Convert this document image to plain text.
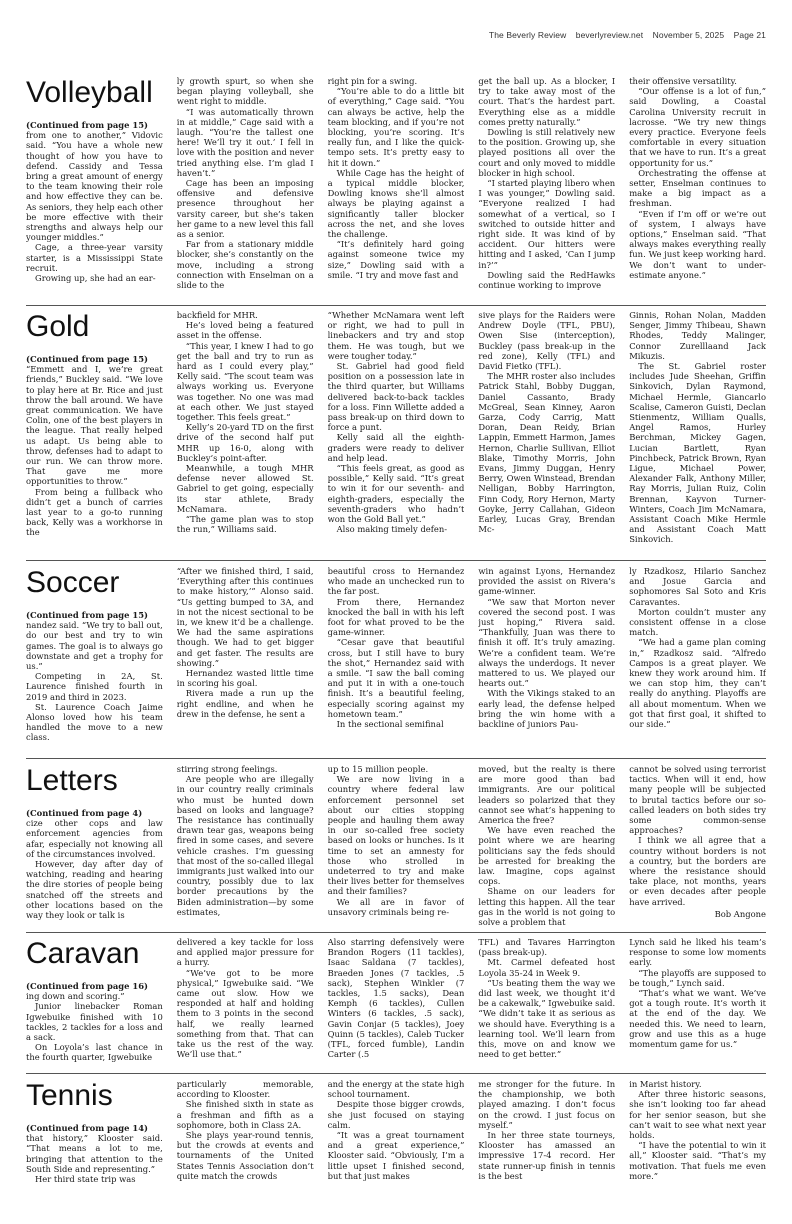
The Beverly Review beverlyreview.net November 5, 2025 Page 21
Volleyball

(Continued from page 15)
from one to another,” Vidovic said. “You have a whole new thought of how you have to defend. Cassidy and Tessa bring a great amount of energy to the team knowing their role and how effective they can be. As seniors, they help each other be more effective with their strengths and always help our younger middles.”

Cage, a three-year varsity starter, is a Mississippi State recruit.

Growing up, she had an ear-

ly growth spurt, so when she began playing volleyball, she went right to middle.

“I was automatically thrown in at middle,” Cage said with a laugh. “You’re the tallest one here! We’ll try it out.’ I fell in love with the position and never tried anything else. I’m glad I haven’t.”

Cage has been an imposing offensive and defensive presence throughout her varsity career, but she’s taken her game to a new level this fall as a senior.

Far from a stationary middle blocker, she’s constantly on the move, including a strong connection with Enselman on a slide to the

right pin for a swing.

“You’re able to do a little bit of everything,” Cage said. “You can always be active, help the team blocking, and if you’re not blocking, you’re scoring. It’s really fun, and I like the quick-tempo sets. It’s pretty easy to hit it down.”

While Cage has the height of a typical middle blocker, Dowling knows she’ll almost always be playing against a significantly taller blocker across the net, and she loves the challenge.

“It’s definitely hard going against someone twice my size,” Dowling said with a smile. “I try and move fast and

get the ball up. As a blocker, I try to take away most of the court. That’s the hardest part. Everything else as a middle comes pretty naturally.”

Dowling is still relatively new to the position. Growing up, she played positions all over the court and only moved to middle blocker in high school.

“I started playing libero when I was younger,” Dowling said. “Everyone realized I had somewhat of a vertical, so I switched to outside hitter and right side. It was kind of by accident. Our hitters were hitting and I asked, ‘Can I jump in?’”

Dowling said the RedHawks continue working to improve

their offensive versatility.

“Our offense is a lot of fun,” said Dowling, a Coastal Carolina University recruit in lacrosse. “We try new things every practice. Everyone feels comfortable in every situation that we have to run. It’s a great opportunity for us.”

Orchestrating the offense at setter, Enselman continues to make a big impact as a freshman.

“Even if I’m off or we’re out of system, I always have options,” Enselman said. “That always makes everything really fun. We just keep working hard. We don’t want to under-estimate anyone.”

Gold

(Continued from page 15)
“Emmett and I, we’re great friends,” Buckley said. “We love to play here at Br. Rice and just throw the ball around. We have great communication. We have Colin, one of the best players in the league. That really helped us adapt. Us being able to throw, defenses had to adapt to our run. We can throw more. That gave me more opportunities to throw.”

From being a fullback who didn’t get a bunch of carries last year to a go-to running back, Kelly was a workhorse in the

backfield for MHR.

He’s loved being a featured asset in the offense.

“This year, I knew I had to go get the ball and try to run as hard as I could every play,” Kelly said. “The scout team was always working us. Everyone was together. No one was mad at each other. We just stayed together. This feels great.”

Kelly’s 20-yard TD on the first drive of the second half put MHR up 16-0, along with Buckley’s point-after.

Meanwhile, a tough MHR defense never allowed St. Gabriel to get going, especially its star athlete, Brady McNamara.

“The game plan was to stop the run,” Williams said.

“Whether McNamara went left or right, we had to pull in linebackers and try and stop them. He was tough, but we were tougher today.”

St. Gabriel had good field position on a possession late in the third quarter, but Williams delivered back-to-back tackles for a loss. Finn Willette added a pass break-up on third down to force a punt.

Kelly said all the eighth-graders were ready to deliver and help lead.

“This feels great, as good as possible,” Kelly said. “It’s great to win it for our seventh- and eighth-graders, especially the seventh-graders who hadn’t won the Gold Ball yet.”

Also making timely defen-

sive plays for the Raiders were Andrew Doyle (TFL, PBU), Owen Sise (interception), Buckley (pass break-up in the red zone), Kelly (TFL) and David Fietko (TFL).

The MHR roster also includes Patrick Stahl, Bobby Duggan, Daniel Cassanto, Brady McGreal, Sean Kinney, Aaron Garza, Cody Carrig, Matt Doran, Dean Reidy, Brian Lappin, Emmett Harmon, James Hernon, Charlie Sullivan, Elliot Blake, Timothy Morris, John Evans, Jimmy Duggan, Henry Berry, Owen Winstead, Brendan Nelligan, Bobby Harrington, Finn Cody, Rory Hernon, Marty Goyke, Jerry Callahan, Gideon Earley, Lucas Gray, Brendan Mc-

Ginnis, Rohan Nolan, Madden Senger, Jimmy Thibeau, Shawn Rhodes, Teddy Malinger, Connor Zurelllaand Jack Mikuzis.

The St. Gabriel roster includes Jude Sheehan, Griffin Sinkovich, Dylan Raymond, Michael Hermle, Giancarlo Scalise, Cameron Guisti, Declan Stienmentz, William Qualls, Angel Ramos, Hurley Berchman, Mickey Gagen, Lucian Bartlett, Ryan Pinchbeck, Patrick Brown, Ryan Ligue, Michael Power, Alexander Falk, Anthony Miller, Ray Morris, Julian Ruiz, Colin Brennan, Kayvon Turner-Winters, Coach Jim McNamara, Assistant Coach Mike Hermle and Assistant Coach Matt Sinkovich.

Soccer

(Continued from page 15)
nandez said. “We try to ball out, do our best and try to win games. The goal is to always go downstate and get a trophy for us.”

Competing in 2A, St. Laurence finished fourth in 2019 and third in 2023.

St. Laurence Coach Jaime Alonso loved how his team handled the move to a new class.

“After we finished third, I said, ‘Everything after this continues to make history,’” Alonso said. “Us getting bumped to 3A, and in not the nicest sectional to be in, we knew it’d be a challenge. We had the same aspirations though. We had to get bigger and get faster. The results are showing.”

Hernandez wasted little time in scoring his goal.

Rivera made a run up the right endline, and when he drew in the defense, he sent a

beautiful cross to Hernandez who made an unchecked run to the far post.

From there, Hernandez knocked the ball in with his left foot for what proved to be the game-winner.

“Cesar gave that beautiful cross, but I still have to bury the shot,” Hernandez said with a smile. “I saw the ball coming and put it in with a one-touch finish. It’s a beautiful feeling, especially scoring against my hometown team.”

In the sectional semifinal

win against Lyons, Hernandez provided the assist on Rivera’s game-winner.

“We saw that Morton never covered the second post. I was just hoping,” Rivera said. “Thankfully, Juan was there to finish it off. It’s truly amazing. We’re a confident team. We’re always the underdogs. It never mattered to us. We played our hearts out.”

With the Vikings staked to an early lead, the defense helped bring the win home with a backline of juniors Pau-

ly Rzadkosz, Hilario Sanchez and Josue Garcia and sophomores Sal Soto and Kris Caravantes.

Morton couldn’t muster any consistent offense in a close match.

“We had a game plan coming in,” Rzadkosz said. “Alfredo Campos is a great player. We knew they work around him. If we can stop him, they can’t really do anything. Playoffs are all about momentum. When we got that first goal, it shifted to our side.”

Letters

(Continued from page 4)
cize other cops and law enforcement agencies from afar, especially not knowing all of the circumstances involved.

However, day after day of watching, reading and hearing the dire stories of people being snatched off the streets and other locations based on the way they look or talk is

stirring strong feelings.

Are people who are illegally in our country really criminals who must be hunted down based on looks and language? The resistance has continually drawn tear gas, weapons being fired in some cases, and severe vehicle crashes. I’m guessing that most of the so-called illegal immigrants just walked into our country, possibly due to lax border precautions by the Biden administration—by some estimates,

up to 15 million people.

We are now living in a country where federal law enforcement personnel set about our cities stopping people and hauling them away in our so-called free society based on looks or hunches. Is it time to set an amnesty for those who strolled in undeterred to try and make their lives better for themselves and their families?

We all are in favor of unsavory criminals being re-

moved, but the realty is there are more good than bad immigrants. Are our political leaders so polarized that they cannot see what’s happening to America the free?

We have even reached the point where we are hearing politicians say the feds should be arrested for breaking the law. Imagine, cops against cops.

Shame on our leaders for letting this happen. All the tear gas in the world is not going to solve a problem that

cannot be solved using terrorist tactics. When will it end, how many people will be subjected to brutal tactics before our so-called leaders on both sides try some common-sense approaches?

I think we all agree that a country without borders is not a country, but the borders are where the resistance should take place, not months, years or even decades after people have arrived.

Bob Angone
Caravan

(Continued from page 16)
ing down and scoring.”

Junior linebacker Roman Igwebuike finished with 10 tackles, 2 tackles for a loss and a sack.

On Loyola’s last chance in the fourth quarter, Igwebuike

delivered a key tackle for loss and applied major pressure for a hurry.

“We’ve got to be more physical,” Igwebuike said. “We came out slow. How we responded at half and holding them to 3 points in the second half, we really learned something from that. That can take us the rest of the way. We’ll use that.”

Also starring defensively were Brandon Rogers (11 tackles), Isaac Saldana (7 tackles), Braeden Jones (7 tackles, .5 sack), Stephen Winkler (7 tackles, 1.5 sacks), Dean Kemph (6 tackles), Cullen Winters (6 tackles, .5 sack), Gavin Conjar (5 tackles), Joey Quinn (5 tackles), Caleb Tucker (TFL, forced fumble), Landin Carter (.5

TFL) and Tavares Harrington (pass break-up).

Mt. Carmel defeated host Loyola 35-24 in Week 9.

“Us beating them the way we did last week, we thought it’d be a cakewalk,” Igwebuike said. “We didn’t take it as serious as we should have. Everything is a learning tool. We’ll learn from this, move on and know we need to get better.”

Lynch said he liked his team’s response to some low moments early.

“The playoffs are supposed to be tough,” Lynch said.

“That’s what we want. We’ve got a tough route. It’s worth it at the end of the day. We needed this. We need to learn, grow and use this as a huge momentum game for us.”

Tennis

(Continued from page 14)
that history,” Klooster said. “That means a lot to me, bringing that attention to the South Side and representing.”

Her third state trip was

particularly memorable, according to Klooster.

She finished sixth in state as a freshman and fifth as a sophomore, both in Class 2A.

She plays year-round tennis, but the crowds at events and tournaments of the United States Tennis Association don’t quite match the crowds

and the energy at the state high school tournament.

Despite those bigger crowds, she just focused on staying calm.

“It was a great tournament and a great experience,” Klooster said. “Obviously, I’m a little upset I finished second, but that just makes

me stronger for the future. In the championship, we both played amazing. I don’t focus on the crowd. I just focus on myself.”

In her three state tourneys, Klooster has amassed an impressive 17-4 record. Her state runner-up finish in tennis is the best

in Marist history.

After three historic seasons, she isn’t looking too far ahead for her senior season, but she can’t wait to see what next year holds.

“I have the potential to win it all,” Klooster said. “That’s my motivation. That fuels me even more.”
